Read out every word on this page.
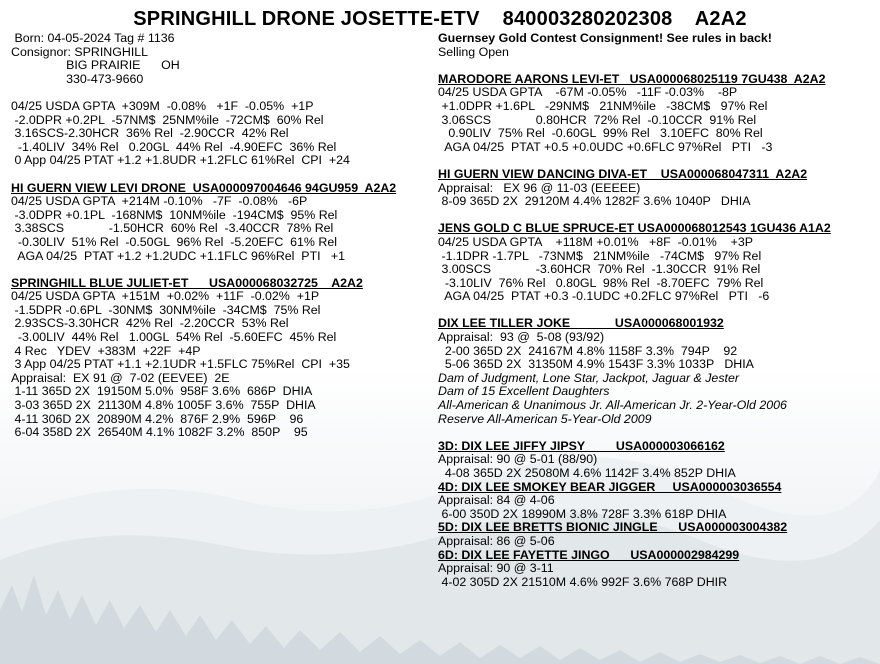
SPRINGHILL DRONE JOSETTE-ETV    840003280202308    A2A2
Born: 04-05-2024 Tag # 1136
Consignor: SPRINGHILL
BIG PRAIRIE      OH
330-473-9660
04/25 USDA GPTA  +309M  -0.08%   +1F  -0.05%  +1P
-2.0DPR +0.2PL  -57NM$  25NM%ile  -72CM$  60% Rel
3.16SCS-2.30HCR  36% Rel  -2.90CCR  42% Rel
-1.40LIV  34% Rel   0.20GL  44% Rel  -4.90EFC  36% Rel
0 App 04/25 PTAT +1.2 +1.8UDR +1.2FLC 61%Rel  CPI  +24
HI GUERN VIEW LEVI DRONE  USA000097004646 94GU959  A2A2
04/25 USDA GPTA  +214M -0.10%   -7F  -0.08%   -6P
-3.0DPR +0.1PL  -168NM$  10NM%ile  -194CM$  95% Rel
3.38SCS             -1.50HCR  60% Rel  -3.40CCR  78% Rel
-0.30LIV  51% Rel  -0.50GL  96% Rel  -5.20EFC  61% Rel
AGA 04/25  PTAT +1.2 +1.2UDC +1.1FLC 96%Rel  PTI   +1
SPRINGHILL BLUE JULIET-ET      USA000068032725    A2A2
04/25 USDA GPTA  +151M  +0.02%  +11F  -0.02%  +1P
-1.5DPR -0.6PL  -30NM$  30NM%ile  -34CM$  75% Rel
2.93SCS-3.30HCR  42% Rel  -2.20CCR  53% Rel
-3.00LIV  44% Rel   1.00GL  54% Rel  -5.60EFC  45% Rel
4 Rec   YDEV  +383M  +22F  +4P
3 App 04/25 PTAT +1.1 +2.1UDR +1.5FLC 75%Rel  CPI  +35
Appraisal:  EX 91 @  7-02 (EEVEE)  2E
1-11 365D 2X  19150M 5.0%  958F 3.6%  686P  DHIA
3-03 365D 2X  21130M 4.8% 1005F 3.6%  755P  DHIA
4-11 306D 2X  20890M 4.2%  876F 2.9%  596P    96
6-04 358D 2X  26540M 4.1% 1082F 3.2%  850P    95
Guernsey Gold Contest Consignment! See rules in back!
Selling Open
MARODORE AARONS LEVI-ET   USA000068025119 7GU438  A2A2
04/25 USDA GPTA    -67M -0.05%   -11F -0.03%    -8P
+1.0DPR +1.6PL   -29NM$   21NM%ile   -38CM$   97% Rel
3.06SCS             0.80HCR  72% Rel  -0.10CCR  91% Rel
0.90LIV  75% Rel  -0.60GL  99% Rel   3.10EFC  80% Rel
AGA 04/25  PTAT +0.5 +0.0UDC +0.6FLC 97%Rel   PTI   -3
HI GUERN VIEW DANCING DIVA-ET    USA000068047311  A2A2
Appraisal:   EX 96 @ 11-03 (EEEEE)
8-09 365D 2X  29120M 4.4% 1282F 3.6% 1040P   DHIA
JENS GOLD C BLUE SPRUCE-ET USA000068012543 1GU436 A1A2
04/25 USDA GPTA    +118M +0.01%   +8F  -0.01%    +3P
-1.1DPR -1.7PL   -73NM$   21NM%ile   -74CM$   97% Rel
3.00SCS             -3.60HCR  70% Rel  -1.30CCR  91% Rel
-3.10LIV  76% Rel   0.80GL  98% Rel  -8.70EFC  79% Rel
AGA 04/25  PTAT +0.3 -0.1UDC +0.2FLC 97%Rel   PTI   -6
DIX LEE TILLER JOKE             USA000068001932
Appraisal:  93 @  5-08 (93/92)
2-00 365D 2X  24167M 4.8% 1158F 3.3%  794P    92
5-06 365D 2X  31350M 4.9% 1543F 3.3% 1033P   DHIA
Dam of Judgment, Lone Star, Jackpot, Jaguar & Jester
Dam of 15 Excellent Daughters
All-American & Unanimous Jr. All-American Jr. 2-Year-Old 2006
Reserve All-American 5-Year-Old 2009
3D: DIX LEE JIFFY JIPSY         USA000003066162
Appraisal: 90 @ 5-01 (88/90)
4-08 365D 2X 25080M 4.6% 1142F 3.4% 852P DHIA
4D: DIX LEE SMOKEY BEAR JIGGER     USA000003036554
Appraisal: 84 @ 4-06
6-00 350D 2X 18990M 3.8% 728F 3.3% 618P DHIA
5D: DIX LEE BRETTS BIONIC JINGLE      USA000003004382
Appraisal: 86 @ 5-06
6D: DIX LEE FAYETTE JINGO      USA000002984299
Appraisal: 90 @ 3-11
4-02 305D 2X 21510M 4.6% 992F 3.6% 768P DHIR
